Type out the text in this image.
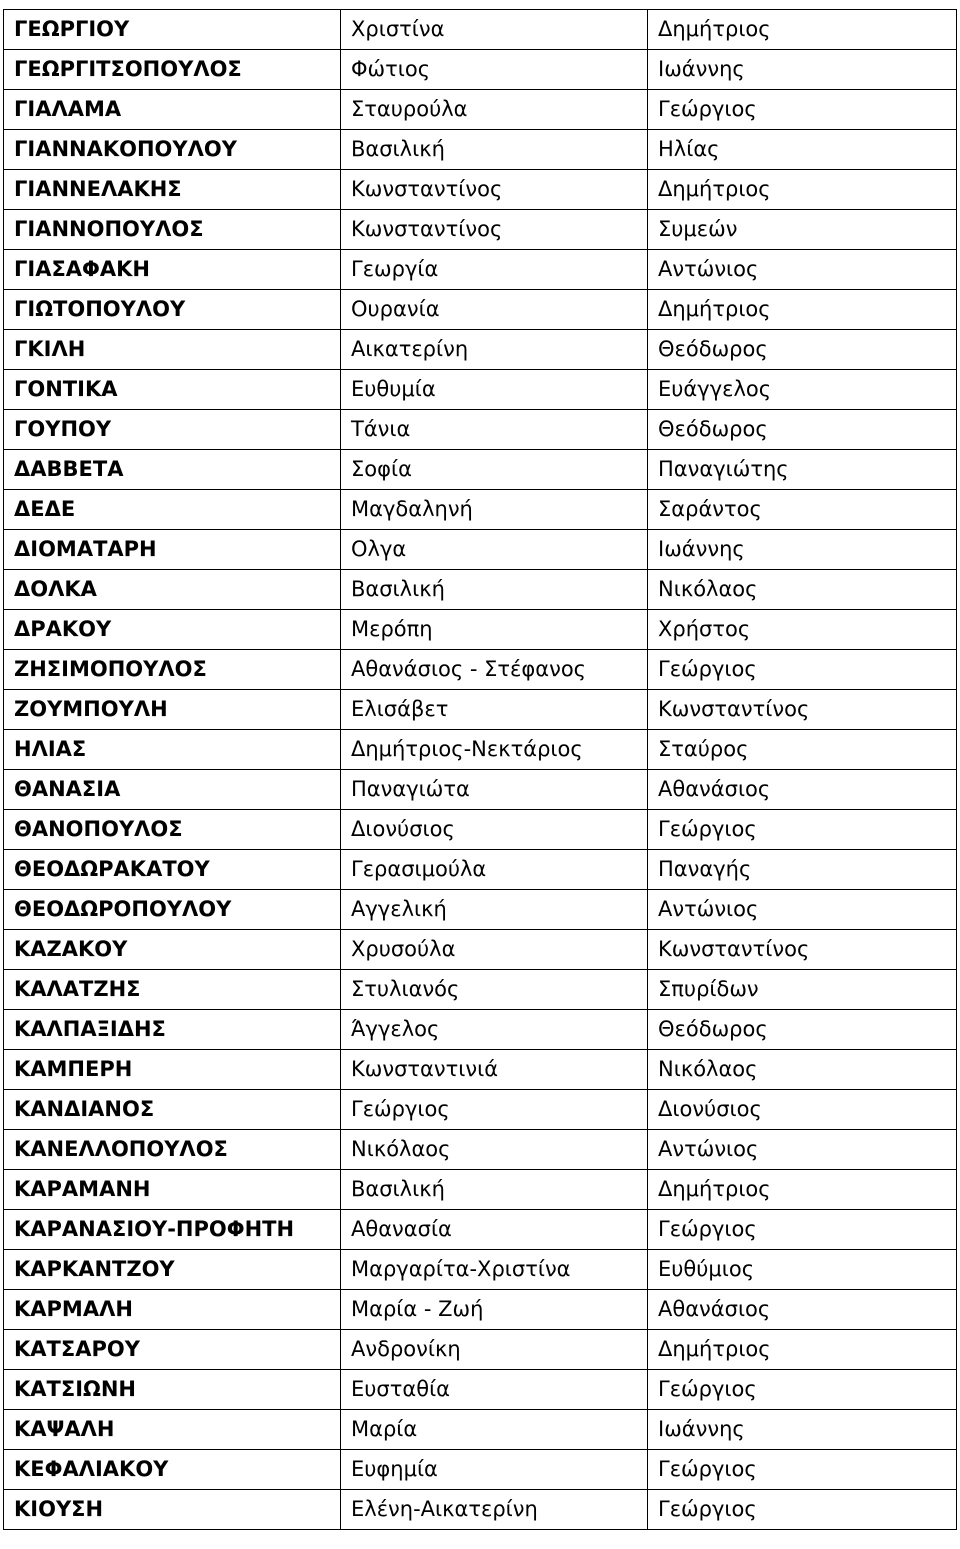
ΓΕΩΡΓΙΟΥ	Χριστίνα	Δημήτριος
ΓΕΩΡΓΙΤΣΟΠΟΥΛΟΣ	Φώτιος	Ιωάννης
ΓΙΑΛΑΜΑ	Σταυρούλα	Γεώργιος
ΓΙΑΝΝΑΚΟΠΟΥΛΟΥ	Βασιλική	Ηλίας
ΓΙΑΝΝΕΛΑΚΗΣ	Κωνσταντίνος	Δημήτριος
ΓΙΑΝΝΟΠΟΥΛΟΣ	Κωνσταντίνος	Συμεών
ΓΙΑΣΑΦΑΚΗ	Γεωργία	Αντώνιος
ΓΙΩΤΟΠΟΥΛΟΥ	Ουρανία	Δημήτριος
ΓΚΙΛΗ	Αικατερίνη	Θεόδωρος
ΓΟΝΤΙΚΑ	Ευθυμία	Ευάγγελος
ΓΟΥΠΟΥ	Τάνια	Θεόδωρος
ΔΑΒΒΕΤΑ	Σοφία	Παναγιώτης
ΔΕΔΕ	Μαγδαληνή	Σαράντος
ΔΙΟΜΑΤΑΡΗ	Ολγα	Ιωάννης
ΔΟΛΚΑ	Βασιλική	Νικόλαος
ΔΡΑΚΟΥ	Μερόπη	Χρήστος
ΖΗΣΙΜΟΠΟΥΛΟΣ	Αθανάσιος - Στέφανος	Γεώργιος
ΖΟΥΜΠΟΥΛΗ	Ελισάβετ	Κωνσταντίνος
ΗΛΙΑΣ	Δημήτριος-Νεκτάριος	Σταύρος
ΘΑΝΑΣΙΑ	Παναγιώτα	Αθανάσιος
ΘΑΝΟΠΟΥΛΟΣ	Διονύσιος	Γεώργιος
ΘΕΟΔΩΡΑΚΑΤΟΥ	Γερασιμούλα	Παναγής
ΘΕΟΔΩΡΟΠΟΥΛΟΥ	Αγγελική	Αντώνιος
ΚΑΖΑΚΟΥ	Χρυσούλα	Κωνσταντίνος
ΚΑΛΑΤΖΗΣ	Στυλιανός	Σπυρίδων
ΚΑΛΠΑΞΙΔΗΣ	Άγγελος	Θεόδωρος
ΚΑΜΠΕΡΗ	Κωνσταντινιά	Νικόλαος
ΚΑΝΔΙΑΝΟΣ	Γεώργιος	Διονύσιος
ΚΑΝΕΛΛΟΠΟΥΛΟΣ	Νικόλαος	Αντώνιος
ΚΑΡΑΜΑΝΗ	Βασιλική	Δημήτριος
ΚΑΡΑΝΑΣΙΟΥ-ΠΡΟΦΗΤΗ	Αθανασία	Γεώργιος
ΚΑΡΚΑΝΤΖΟΥ	Μαργαρίτα-Χριστίνα	Ευθύμιος
ΚΑΡΜΑΛΗ	Μαρία - Ζωή	Αθανάσιος
ΚΑΤΣΑΡΟΥ	Ανδρονίκη	Δημήτριος
ΚΑΤΣΙΩΝΗ	Ευσταθία	Γεώργιος
ΚΑΨΑΛΗ	Μαρία	Ιωάννης
ΚΕΦΑΛΙΑΚΟΥ	Ευφημία	Γεώργιος
ΚΙΟΥΣΗ	Ελένη-Αικατερίνη	Γεώργιος
